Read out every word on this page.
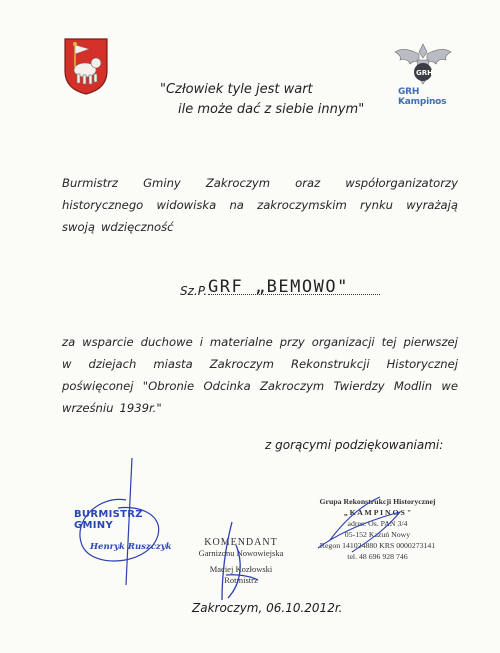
GRH
GRH Kampinos
"Człowiek tyle jest wart
ile może dać z siebie innym"
Burmistrz Gminy Zakroczym oraz współorganizatorzy
historycznego widowiska na zakroczymskim rynku wyrażają
swoją wdzięczność
Sz.P. GRF „BEMOWO"
za wsparcie duchowe i materialne przy organizacji tej pierwszej
w dziejach miasta Zakroczym Rekonstrukcji Historycznej
poświęconej "Obronie Odcinka Zakroczym Twierdzy Modlin we
wrześniu 1939r."
z gorącymi podziękowaniami:
BURMISTRZ GMINY
Henryk Ruszczyk	KOMENDANT
Garnizonu Nowowiejska
Maciej Kozłowski
Rotmistrz
Grupa Rekonstrukcji Historycznej
„ K A M P I N O S "
adres: Os. PAN 3/4
05-152 Kazuń Nowy
Regon 141024880 KRS 0000273141
tel. 48 696 928 746
Zakroczym, 06.10.2012r.
